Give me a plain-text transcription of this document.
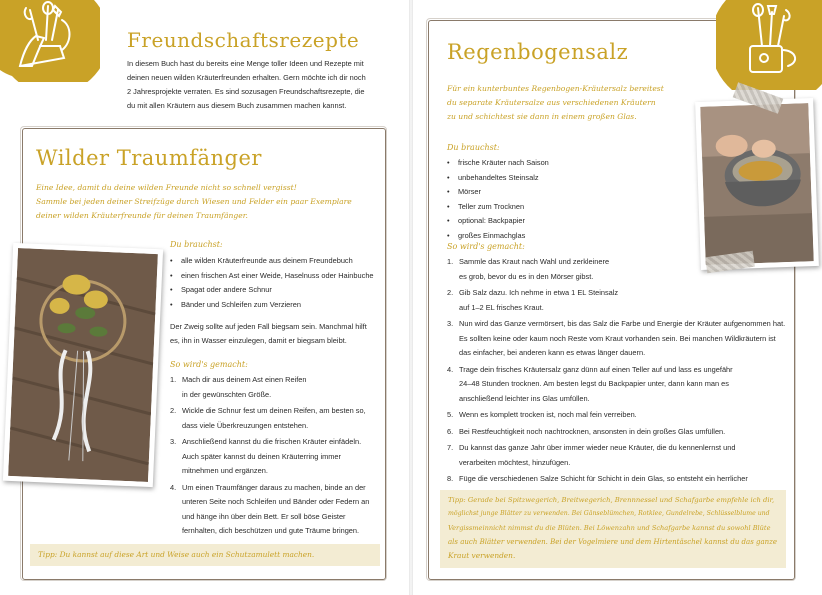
Freundschaftsrezepte

In diesem Buch hast du bereits eine Menge toller Ideen und Rezepte mit

deinen neuen wilden Kräuterfreunden erhalten. Gern möchte ich dir noch

2 Jahresprojekte verraten. Es sind sozusagen Freundschaftsrezepte, die

du mit allen Kräutern aus diesem Buch zusammen machen kannst.

Wilder Traumfänger

Eine Idee, damit du deine wilden Freunde nicht so schnell vergisst!

Sammle bei jeden deiner Streifzüge durch Wiesen und Felder ein paar Exemplare

deiner wilden Kräuterfreunde für deinen Traumfänger.

Du brauchst:
• alle wilden Kräuterfreunde aus deinem Freundebuch
• einen frischen Ast einer Weide, Haselnuss oder Hainbuche
• Spagat oder andere Schnur
• Bänder und Schleifen zum Verzieren

Der Zweig sollte auf jeden Fall biegsam sein. Manchmal hilft

es, ihn in Wasser einzulegen, damit er biegsam bleibt.

So wird's gemacht:
1. Mach dir aus deinem Ast einen Reifen
in der gewünschten Größe.
2. Wickle die Schnur fest um deinen Reifen, am besten so,
dass viele Überkreuzungen entstehen.
3. Anschließend kannst du die frischen Kräuter einfädeln.
Auch später kannst du deinen Kräuterring immer
mitnehmen und ergänzen.
4. Um einen Traumfänger daraus zu machen, binde an der
unteren Seite noch Schleifen und Bänder oder Federn an
und hänge ihn über dein Bett. Er soll böse Geister
fernhalten, dich beschützen und gute Träume bringen.
Tipp: Du kannst auf diese Art und Weise auch ein Schutzamulett machen.
Regenbogensalz

Für ein kunterbuntes Regenbogen-Kräutersalz bereitest

du separate Kräutersalze aus verschiedenen Kräutern

zu und schichtest sie dann in einem großen Glas.

Du brauchst:
• frische Kräuter nach Saison
• unbehandeltes Steinsalz
• Mörser
• Teller zum Trocknen
• optional: Backpapier
• großes Einmachglas
So wird's gemacht:
1. Sammle das Kraut nach Wahl und zerkleinere
es grob, bevor du es in den Mörser gibst.
2. Gib Salz dazu. Ich nehme in etwa 1 EL Steinsalz
auf 1–2 EL frisches Kraut.
3. Nun wird das Ganze vermörsert, bis das Salz die Farbe und Energie der Kräuter aufgenommen hat.
Es sollten keine oder kaum noch Reste vom Kraut vorhanden sein. Bei manchen Wildkräutern ist
das einfacher, bei anderen kann es etwas länger dauern.
4. Trage dein frisches Kräutersalz ganz dünn auf einen Teller auf und lass es ungefähr
24–48 Stunden trocknen. Am besten legst du Backpapier unter, dann kann man es
anschließend leichter ins Glas umfüllen.
5. Wenn es komplett trocken ist, noch mal fein verreiben.
6. Bei Restfeuchtigkeit noch nachtrocknen, ansonsten in dein großes Glas umfüllen.
7. Du kannst das ganze Jahr über immer wieder neue Kräuter, die du kennenlernst und
verarbeiten möchtest, hinzufügen.
8. Füge die verschiedenen Salze Schicht für Schicht in dein Glas, so entsteht ein herrlicher
Tipp: Gerade bei Spitzwegerich, Breitwegerich, Brennnessel und Schafgarbe empfehle ich dir,
möglichst junge Blätter zu verwenden. Bei Gänseblümchen, Rotklee, Gundelrebe, Schlüsselblume und
Vergissmeinnicht nimmst du die Blüten. Bei Löwenzahn und Schafgarbe kannst du sowohl Blüte
als auch Blätter verwenden. Bei der Vogelmiere und dem Hirtentäschel kannst du das ganze
Kraut verwenden.
